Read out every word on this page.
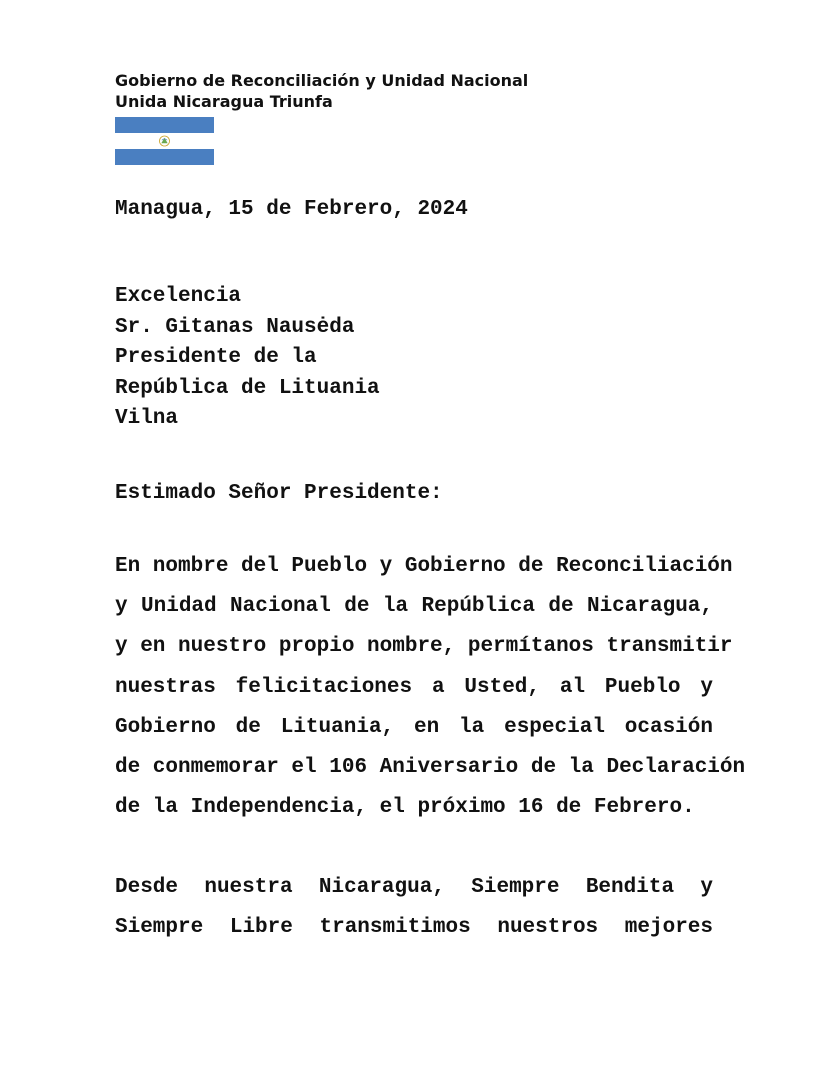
Gobierno de Reconciliación y Unidad Nacional
Unida Nicaragua Triunfa
Managua, 15 de Febrero, 2024
Excelencia
Sr. Gitanas Nausėda
Presidente de la
República de Lituania
Vilna
Estimado Señor Presidente:
En nombre del Pueblo y Gobierno de Reconciliación
y Unidad Nacional de la República de Nicaragua,
y en nuestro propio nombre, permítanos transmitir
nuestras felicitaciones a Usted, al Pueblo y
Gobierno de Lituania, en la especial ocasión
de conmemorar el 106 Aniversario de la Declaración
de la Independencia, el próximo 16 de Febrero.
Desde nuestra Nicaragua, Siempre Bendita y
Siempre Libre transmitimos nuestros mejores
